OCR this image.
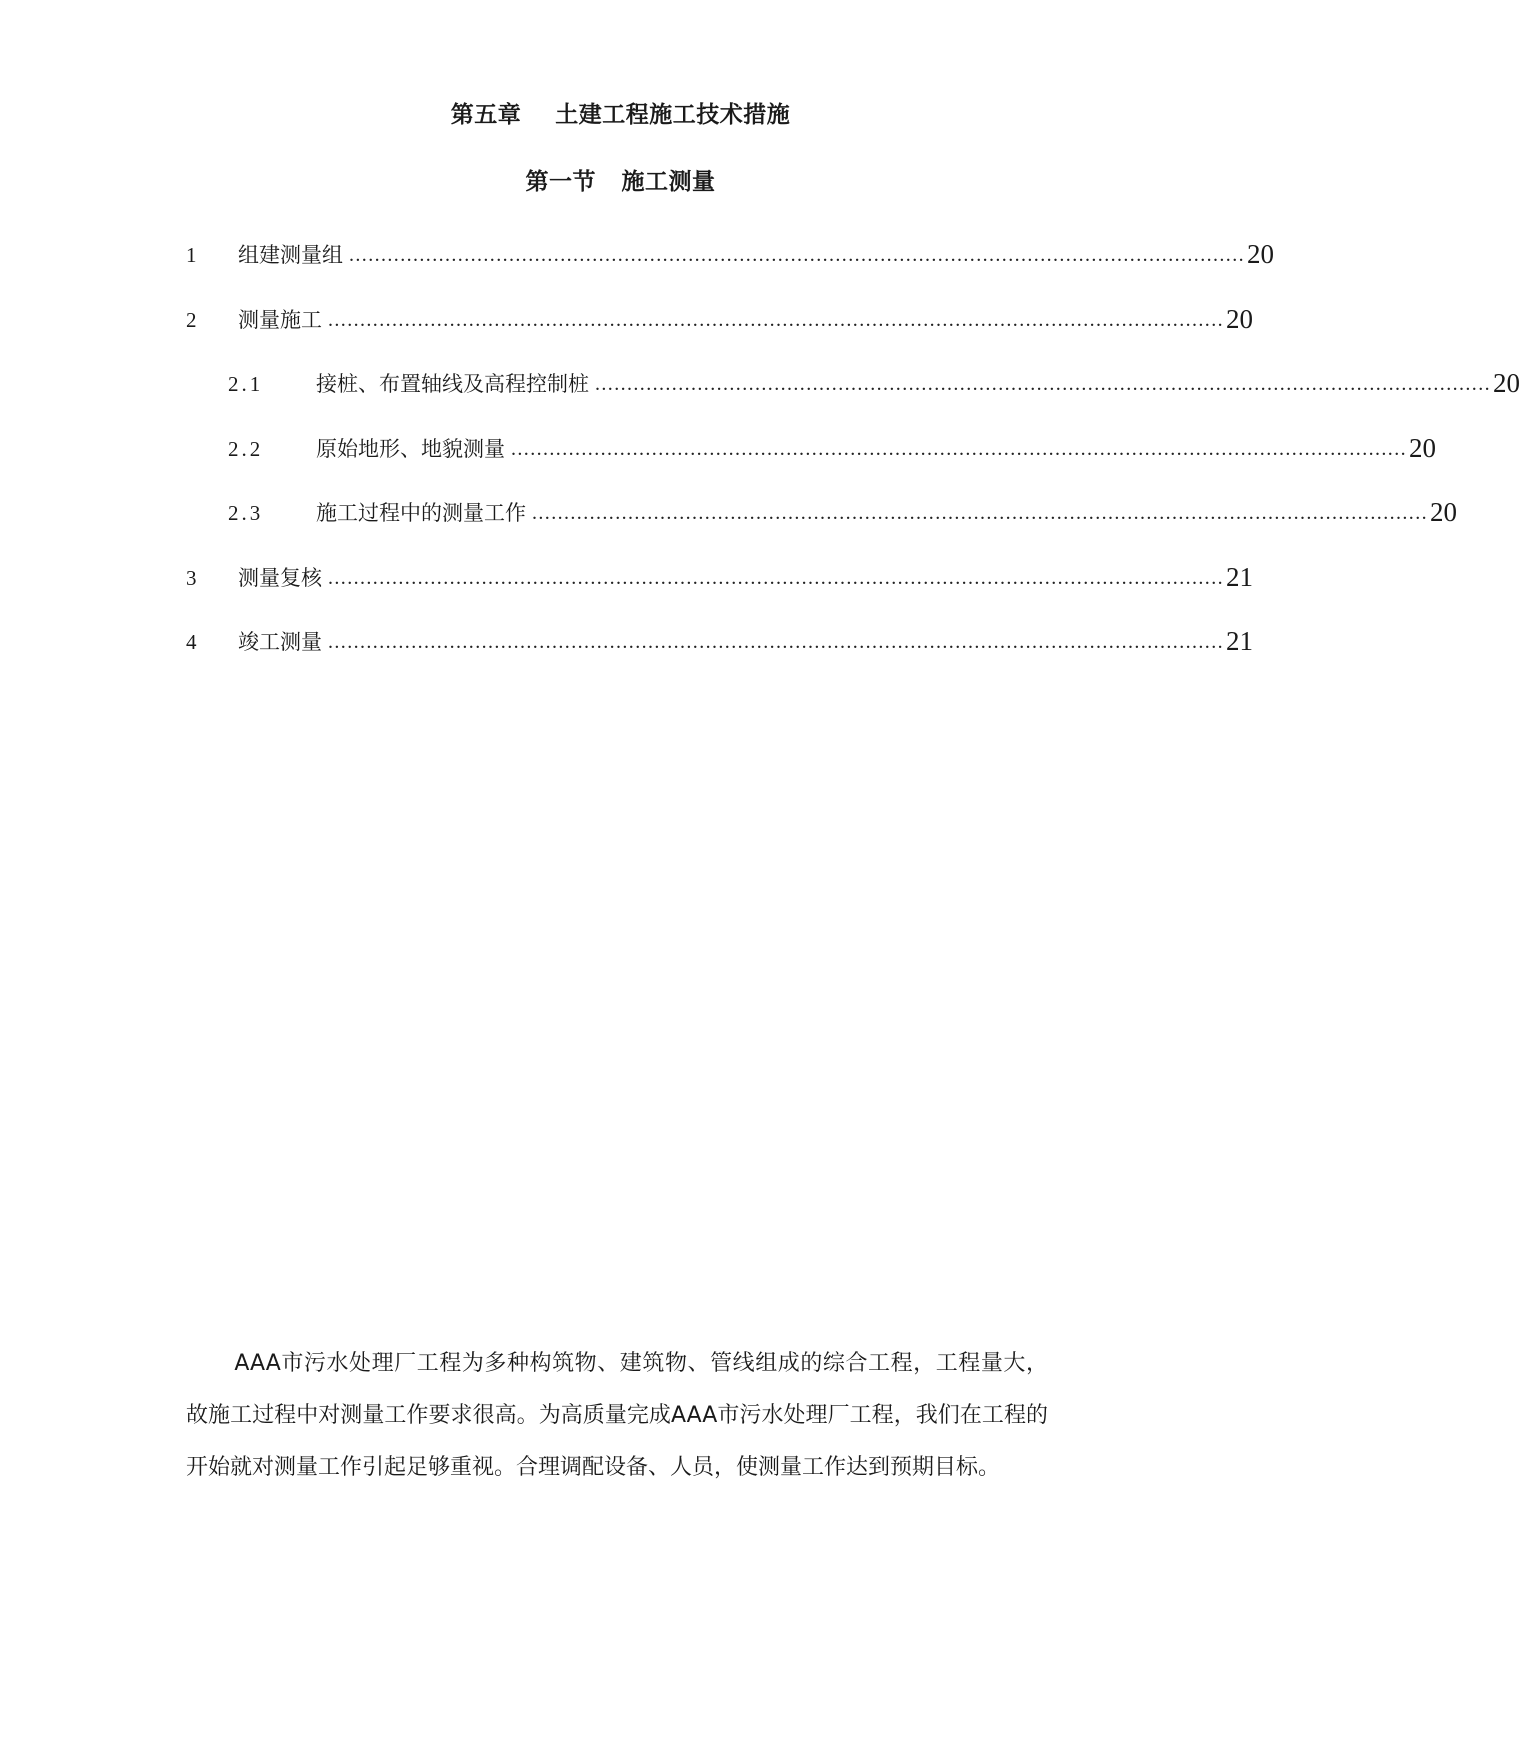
第五章    土建工程施工技术措施
第一节   施工测量
1	组建测量组 ............................................................................................................................................ 20
2	测量施工 ............................................................................................................................................ 20
2.1	接桩、布置轴线及高程控制桩 ............................................................................................................................................ 20
2.2	原始地形、地貌测量 ............................................................................................................................................ 20
2.3	施工过程中的测量工作 ............................................................................................................................................ 20
3	测量复核 ............................................................................................................................................ 21
4	竣工测量 ............................................................................................................................................ 21

AAA市污水处理厂工程为多种构筑物、建筑物、管线组成的综合工程，工程量大，故施工过程中对测量工作要求很高。为高质量完成AAA市污水处理厂工程，我们在工程的开始就对测量工作引起足够重视。合理调配设备、人员，使测量工作达到预期目标。
